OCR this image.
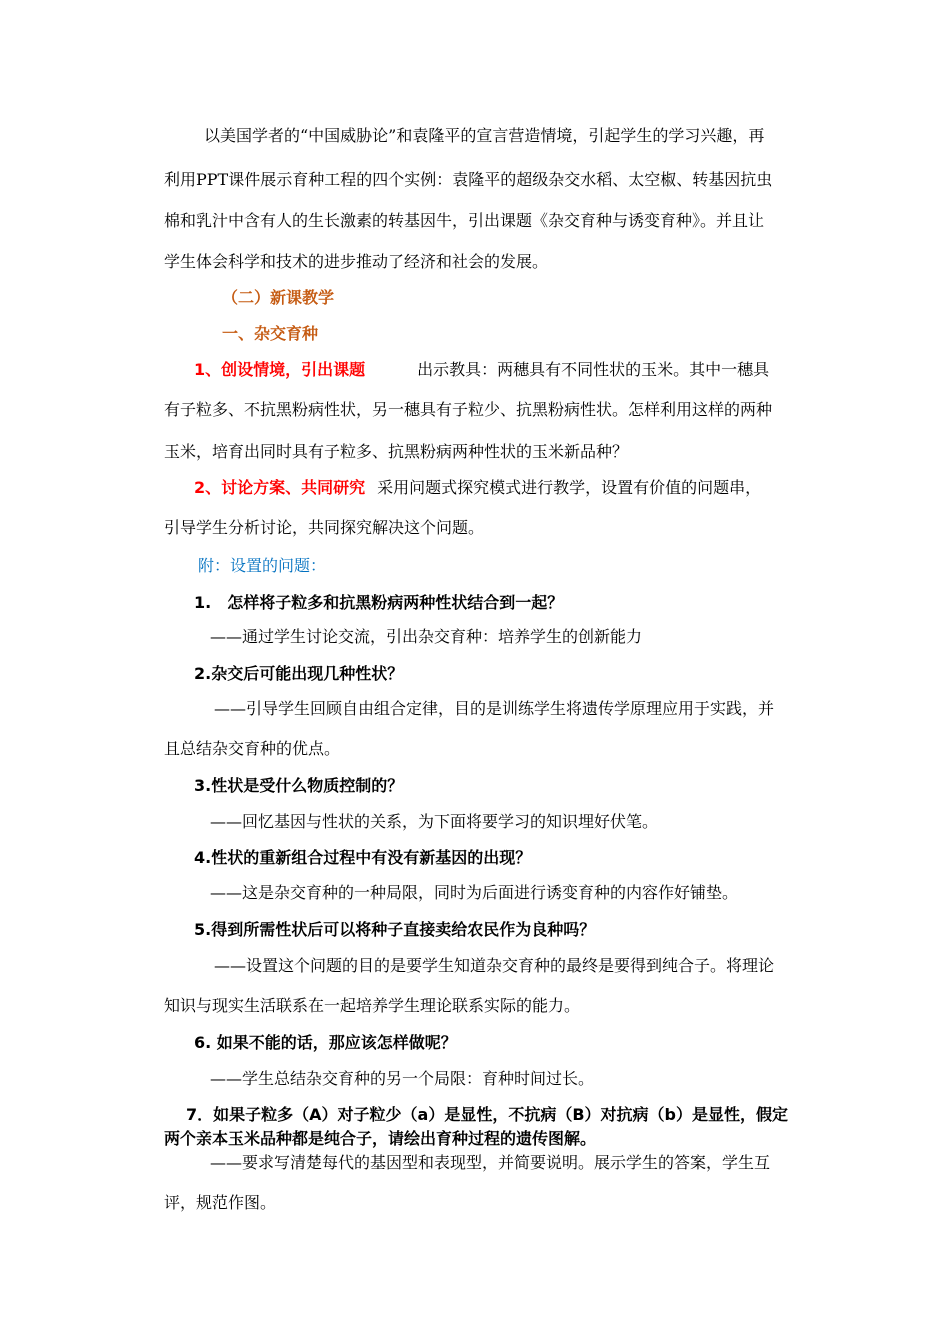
以美国学者的“中国威胁论”和袁隆平的宣言营造情境，引起学生的学习兴趣，再
利用PPT课件展示育种工程的四个实例：袁隆平的超级杂交水稻、太空椒、转基因抗虫
棉和乳汁中含有人的生长激素的转基因牛，引出课题《杂交育种与诱变育种》。并且让
学生体会科学和技术的进步推动了经济和社会的发展。
（二）新课教学
一、杂交育种
1、创设情境，引出课题	出示教具：两穗具有不同性状的玉米。其中一穗具
有子粒多、不抗黑粉病性状，另一穗具有子粒少、抗黑粉病性状。怎样利用这样的两种
玉米，培育出同时具有子粒多、抗黑粉病两种性状的玉米新品种？
2、讨论方案、共同研究 采用问题式探究模式进行教学，设置有价值的问题串，
引导学生分析讨论，共同探究解决这个问题。
附：设置的问题：
1.　怎样将子粒多和抗黑粉病两种性状结合到一起？
——通过学生讨论交流，引出杂交育种：培养学生的创新能力
2.杂交后可能出现几种性状？
——引导学生回顾自由组合定律，目的是训练学生将遗传学原理应用于实践，并
且总结杂交育种的优点。
3.性状是受什么物质控制的？
——回忆基因与性状的关系，为下面将要学习的知识埋好伏笔。
4.性状的重新组合过程中有没有新基因的出现？
——这是杂交育种的一种局限，同时为后面进行诱变育种的内容作好铺垫。
5.得到所需性状后可以将种子直接卖给农民作为良种吗？
——设置这个问题的目的是要学生知道杂交育种的最终是要得到纯合子。将理论
知识与现实生活联系在一起培养学生理论联系实际的能力。
6. 如果不能的话，那应该怎样做呢？
——学生总结杂交育种的另一个局限：育种时间过长。
7．如果子粒多（A）对子粒少（a）是显性，不抗病（B）对抗病（b）是显性，假定
两个亲本玉米品种都是纯合子，请绘出育种过程的遗传图解。
——要求写清楚每代的基因型和表现型，并简要说明。展示学生的答案，学生互
评，规范作图。
